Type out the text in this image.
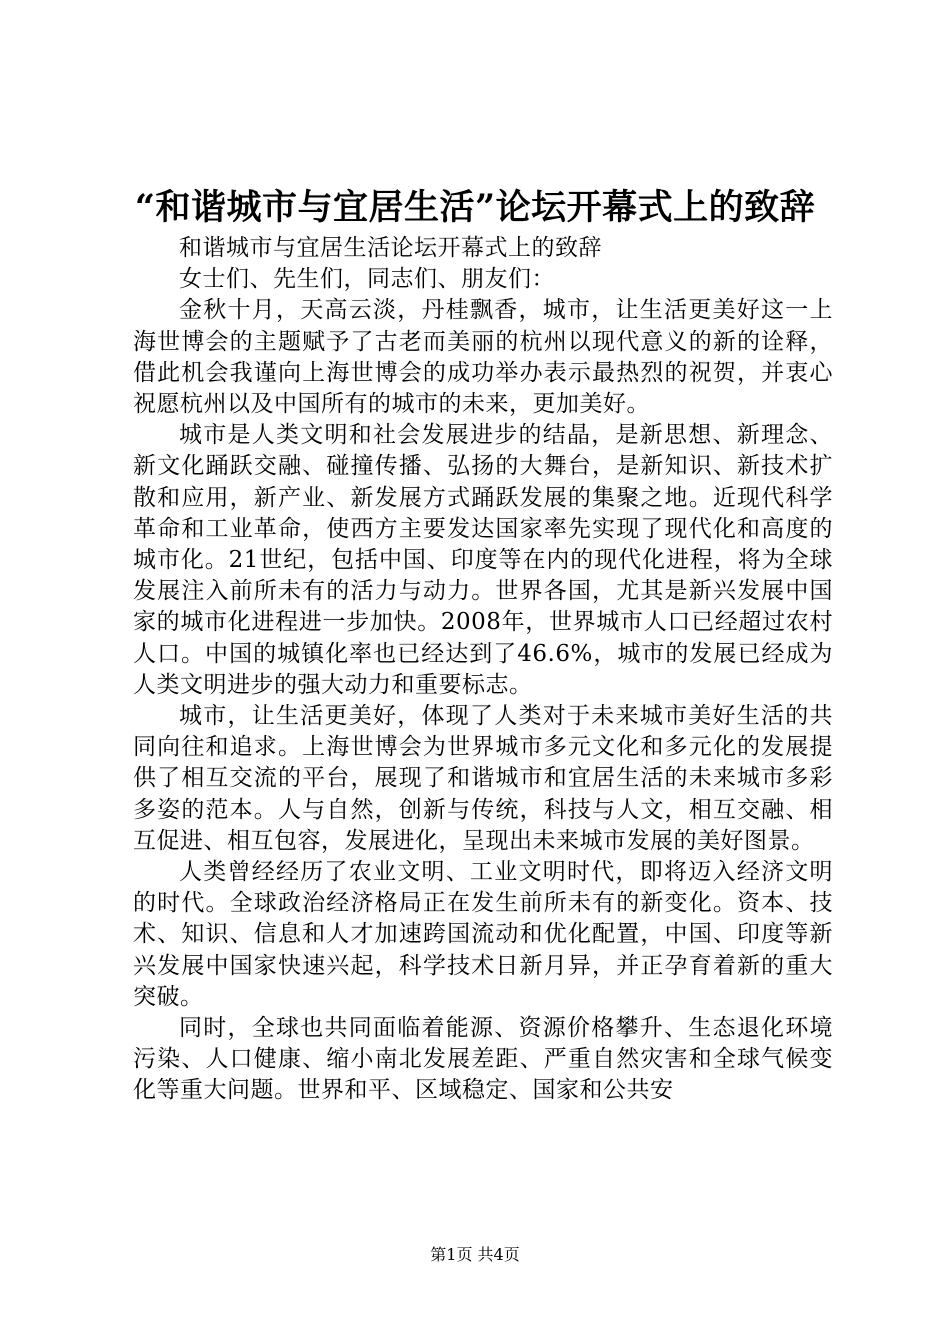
“和谐城市与宜居生活”论坛开幕式上的致辞

和谐城市与宜居生活论坛开幕式上的致辞

女士们、先生们，同志们、朋友们：

金秋十月，天高云淡，丹桂飘香，城市，让生活更美好这一上海世博会的主题赋予了古老而美丽的杭州以现代意义的新的诠释，借此机会我谨向上海世博会的成功举办表示最热烈的祝贺，并衷心祝愿杭州以及中国所有的城市的未来，更加美好。

城市是人类文明和社会发展进步的结晶，是新思想、新理念、新文化踊跃交融、碰撞传播、弘扬的大舞台，是新知识、新技术扩散和应用，新产业、新发展方式踊跃发展的集聚之地。近现代科学革命和工业革命，使西方主要发达国家率先实现了现代化和高度的城市化。21世纪，包括中国、印度等在内的现代化进程，将为全球发展注入前所未有的活力与动力。世界各国，尤其是新兴发展中国家的城市化进程进一步加快。2008年，世界城市人口已经超过农村人口。中国的城镇化率也已经达到了46.6%，城市的发展已经成为人类文明进步的强大动力和重要标志。

城市，让生活更美好，体现了人类对于未来城市美好生活的共同向往和追求。上海世博会为世界城市多元文化和多元化的发展提供了相互交流的平台，展现了和谐城市和宜居生活的未来城市多彩多姿的范本。人与自然，创新与传统，科技与人文，相互交融、相互促进、相互包容，发展进化，呈现出未来城市发展的美好图景。

人类曾经经历了农业文明、工业文明时代，即将迈入经济文明的时代。全球政治经济格局正在发生前所未有的新变化。资本、技术、知识、信息和人才加速跨国流动和优化配置，中国、印度等新兴发展中国家快速兴起，科学技术日新月异，并正孕育着新的重大突破。

同时，全球也共同面临着能源、资源价格攀升、生态退化环境污染、人口健康、缩小南北发展差距、严重自然灾害和全球气候变化等重大问题。世界和平、区域稳定、国家和公共安

第1页 共4页
